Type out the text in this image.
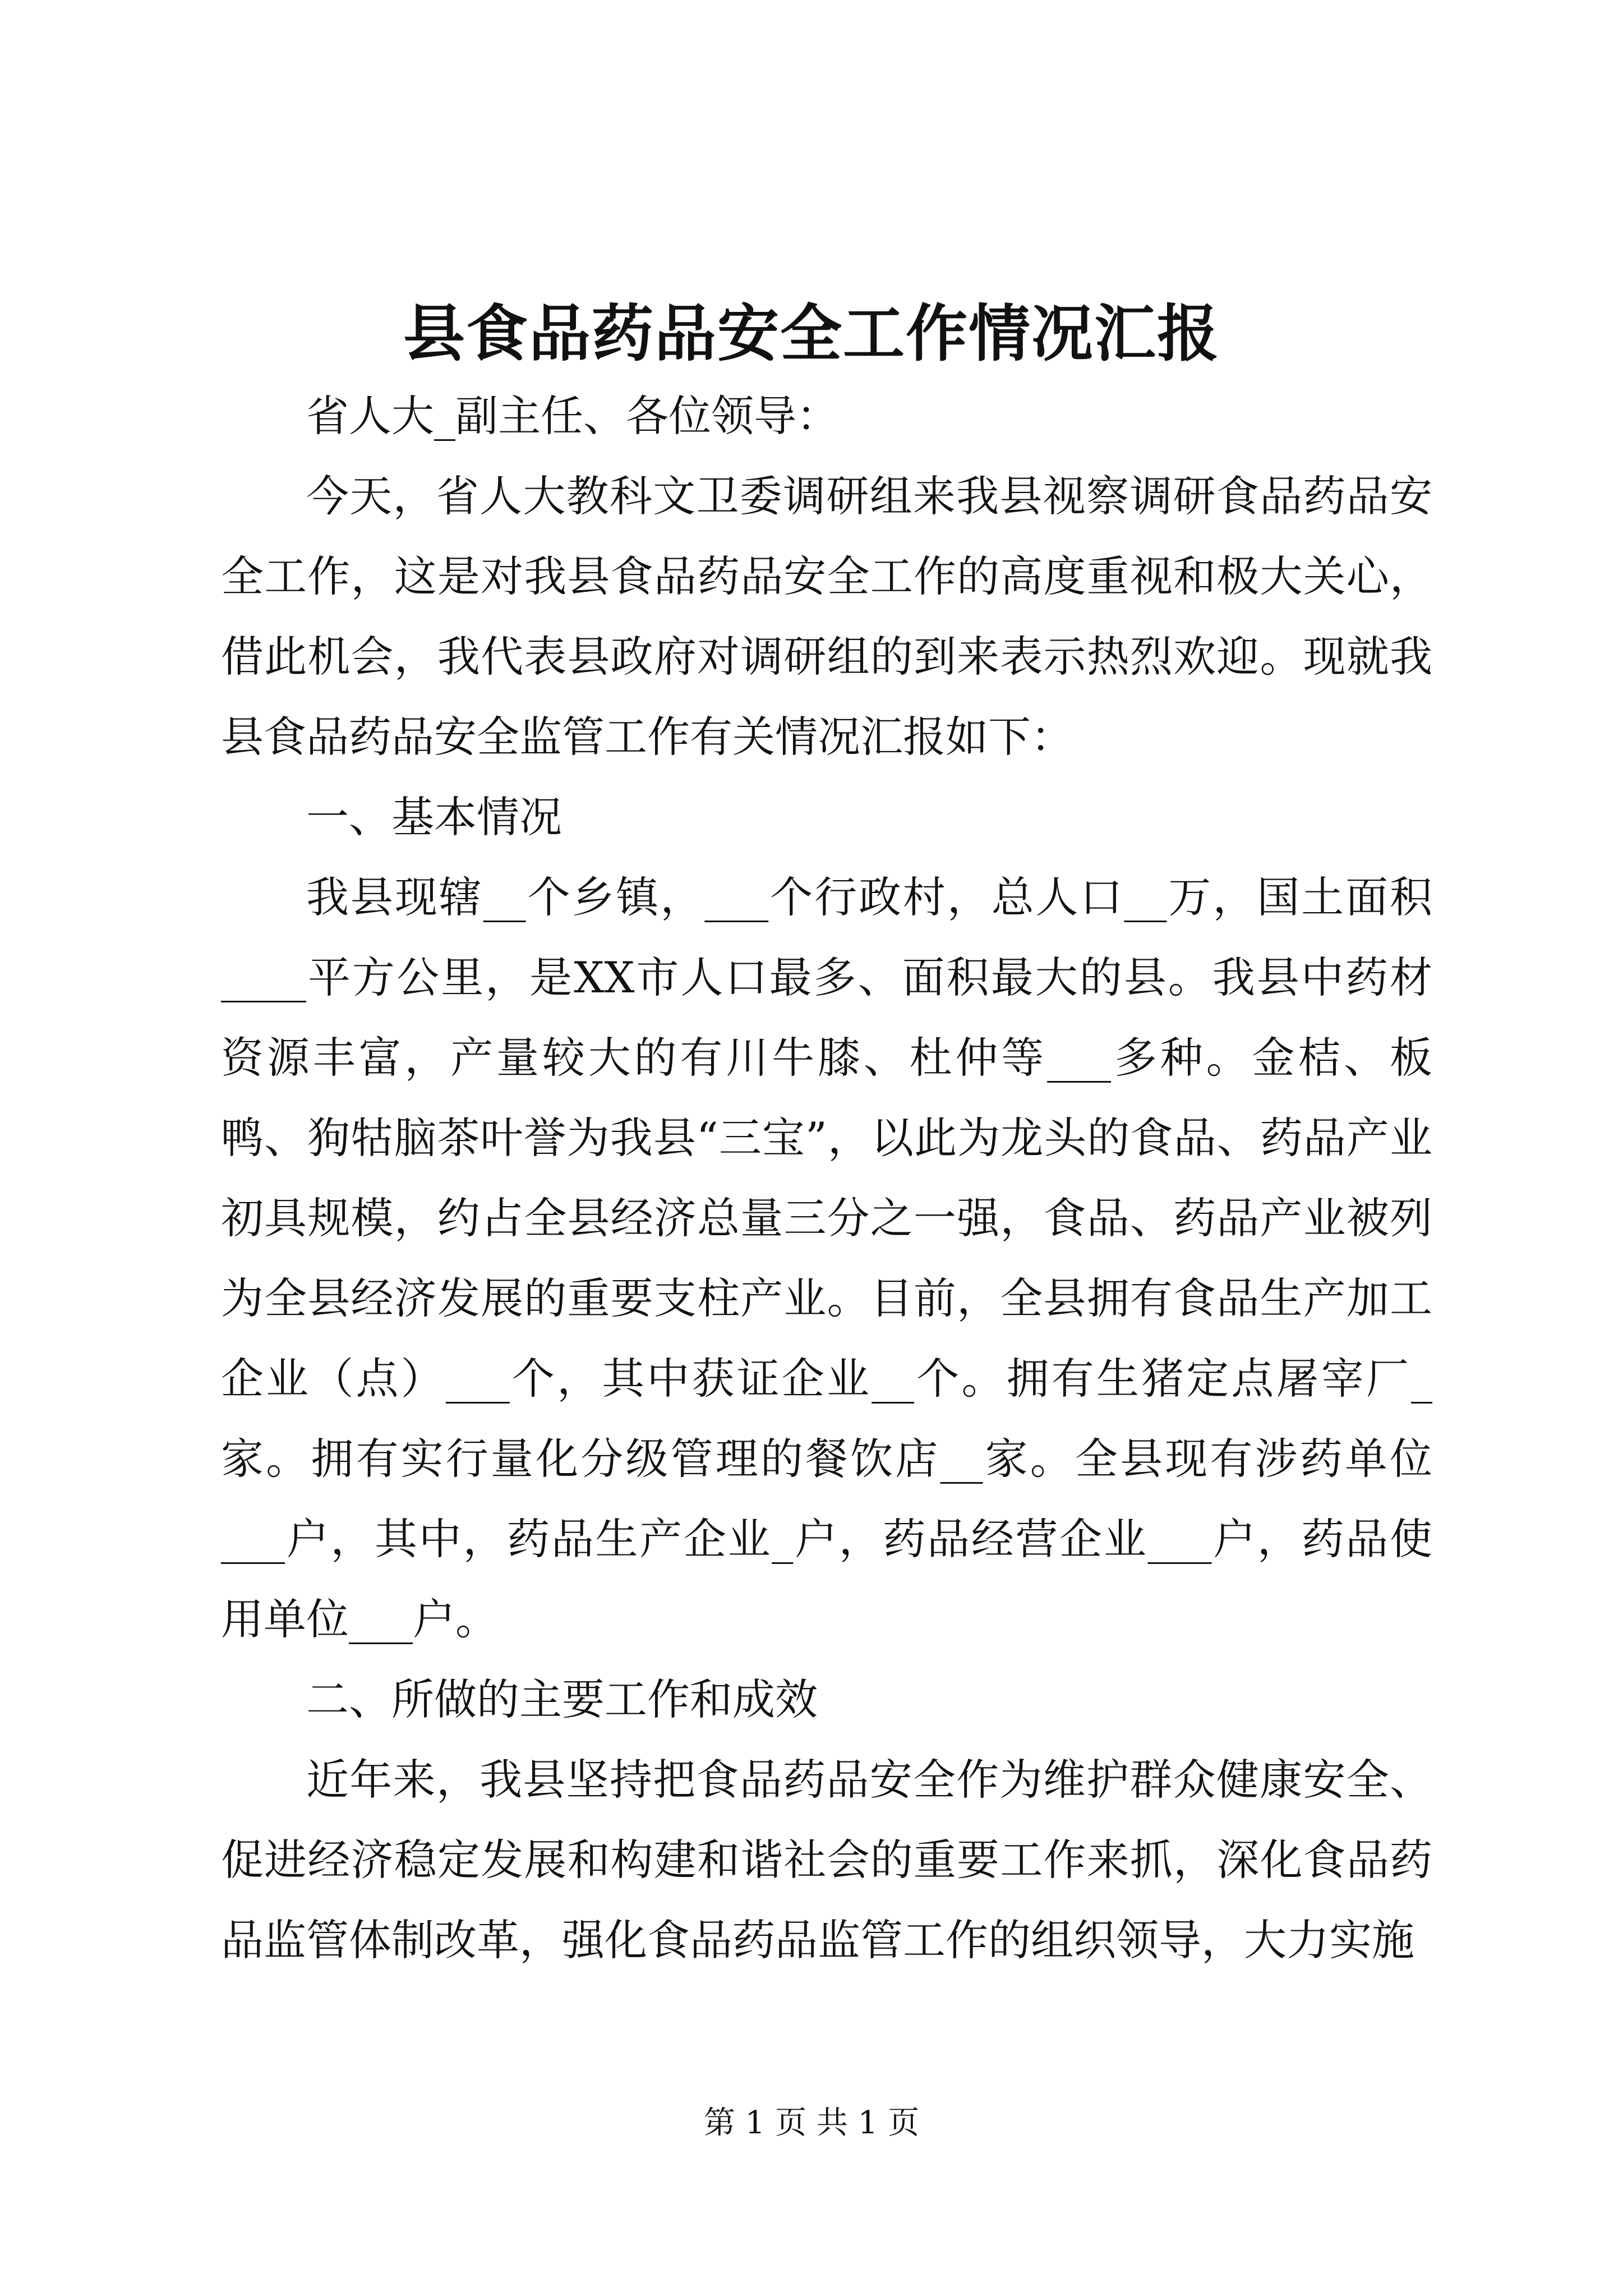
县食品药品安全工作情况汇报

省人大_副主任、各位领导：

今天，省人大教科文卫委调研组来我县视察调研食品药品安全工作，这是对我县食品药品安全工作的高度重视和极大关心，借此机会，我代表县政府对调研组的到来表示热烈欢迎。现就我县食品药品安全监管工作有关情况汇报如下：

一、基本情况

我县现辖__个乡镇，___个行政村，总人口__万，国土面积____平方公里，是XX市人口最多、面积最大的县。我县中药材资源丰富，产量较大的有川牛膝、杜仲等___多种。金桔、板鸭、狗牯脑茶叶誉为我县“三宝”，以此为龙头的食品、药品产业初具规模，约占全县经济总量三分之一强，食品、药品产业被列为全县经济发展的重要支柱产业。目前，全县拥有食品生产加工企业（点）___个，其中获证企业__个。拥有生猪定点屠宰厂_家。拥有实行量化分级管理的餐饮店__家。全县现有涉药单位___户，其中，药品生产企业_户，药品经营企业___户，药品使用单位___户。

二、所做的主要工作和成效

近年来，我县坚持把食品药品安全作为维护群众健康安全、促进经济稳定发展和构建和谐社会的重要工作来抓，深化食品药品监管体制改革，强化食品药品监管工作的组织领导，大力实施

第 1 页 共 1 页
